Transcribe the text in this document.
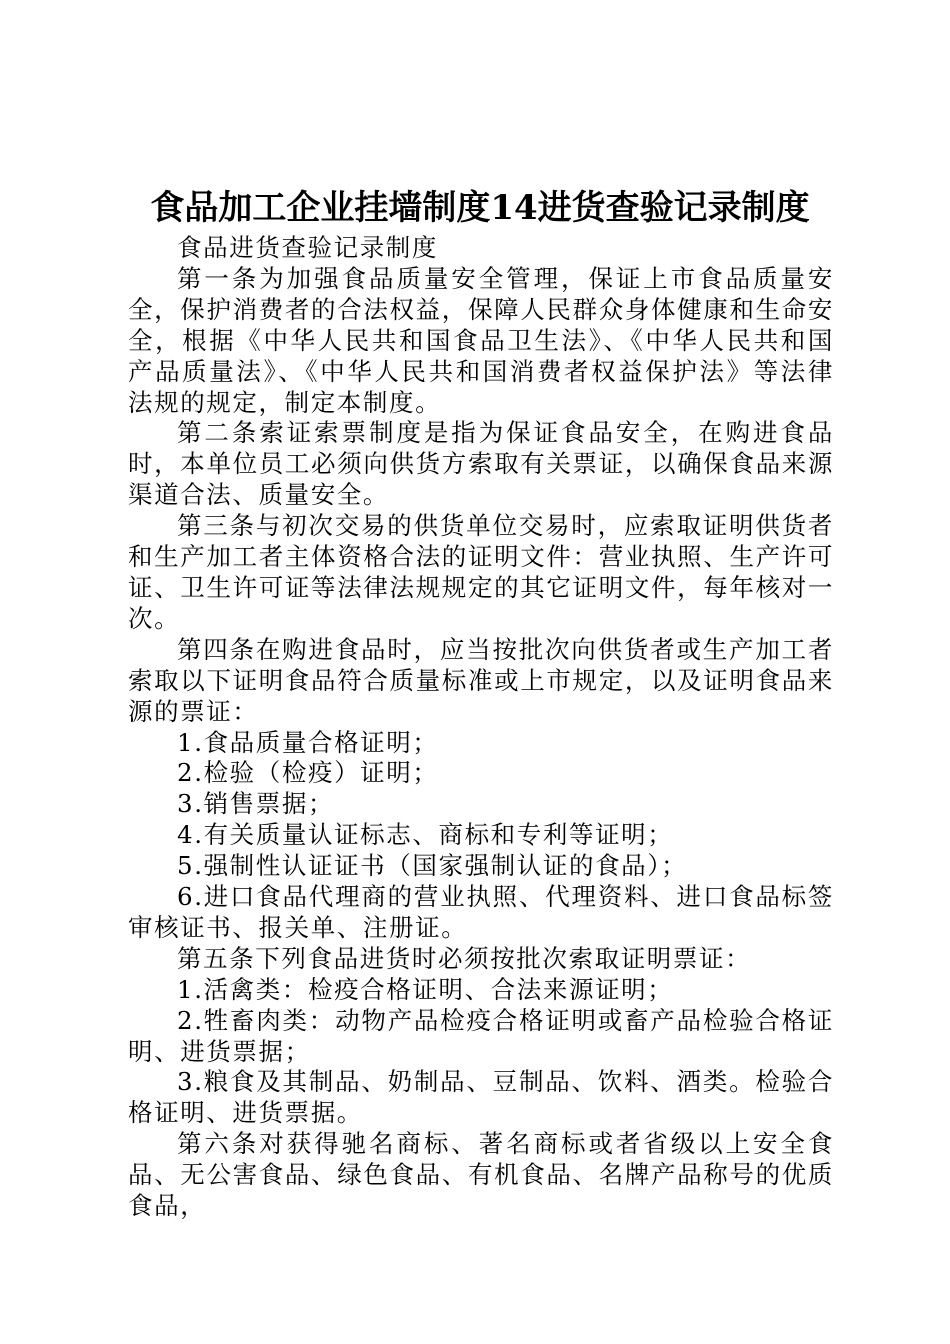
食品加工企业挂墙制度14进货查验记录制度

食品进货查验记录制度

第一条为加强食品质量安全管理，保证上市食品质量安全，保护消费者的合法权益，保障人民群众身体健康和生命安全，根据《中华人民共和国食品卫生法》、《中华人民共和国产品质量法》、《中华人民共和国消费者权益保护法》等法律法规的规定，制定本制度。

第二条索证索票制度是指为保证食品安全，在购进食品时，本单位员工必须向供货方索取有关票证，以确保食品来源渠道合法、质量安全。

第三条与初次交易的供货单位交易时，应索取证明供货者和生产加工者主体资格合法的证明文件：营业执照、生产许可证、卫生许可证等法律法规规定的其它证明文件，每年核对一次。

第四条在购进食品时，应当按批次向供货者或生产加工者索取以下证明食品符合质量标准或上市规定，以及证明食品来源的票证：

1.食品质量合格证明；

2.检验（检疫）证明；

3.销售票据；

4.有关质量认证标志、商标和专利等证明；

5.强制性认证证书（国家强制认证的食品）；

6.进口食品代理商的营业执照、代理资料、进口食品标签审核证书、报关单、注册证。

第五条下列食品进货时必须按批次索取证明票证：

1.活禽类：检疫合格证明、合法来源证明；

2.牲畜肉类：动物产品检疫合格证明或畜产品检验合格证明、进货票据；

3.粮食及其制品、奶制品、豆制品、饮料、酒类。检验合格证明、进货票据。

第六条对获得驰名商标、著名商标或者省级以上安全食品、无公害食品、绿色食品、有机食品、名牌产品称号的优质食品，
